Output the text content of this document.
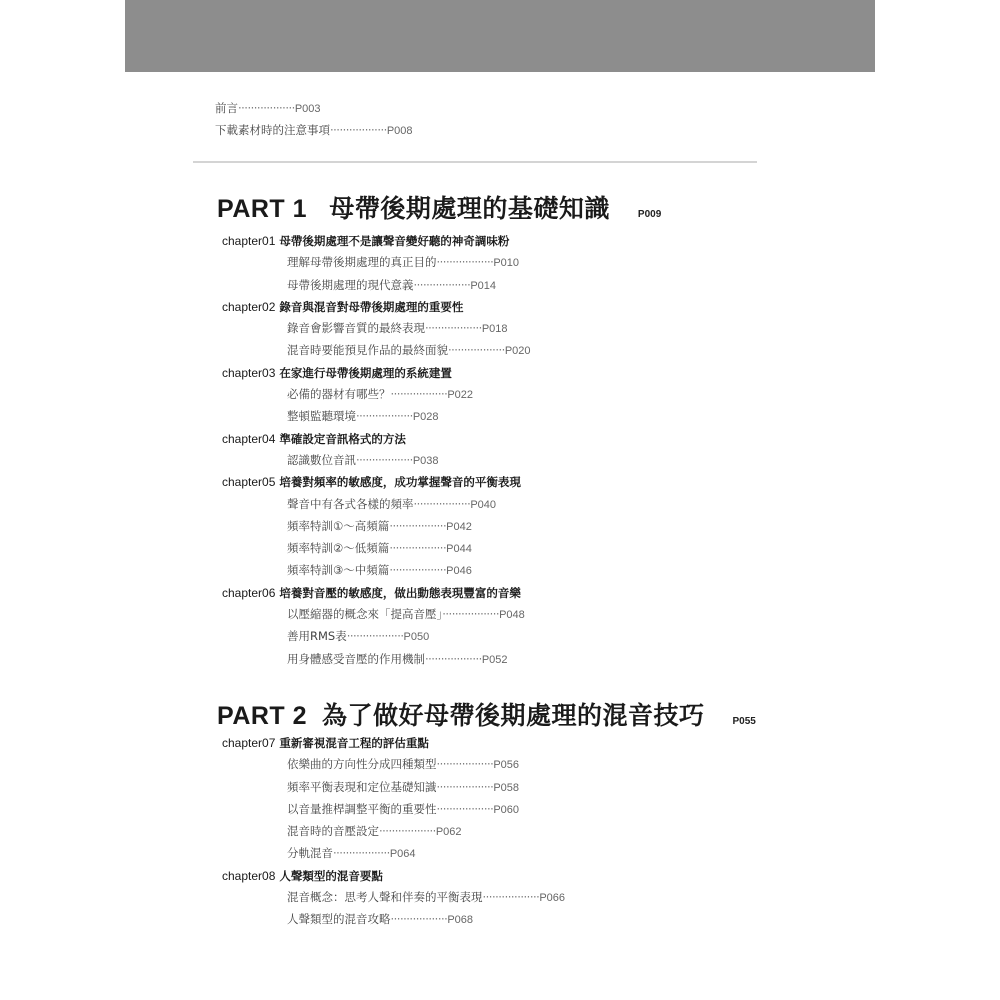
前言 ·····	P003
下載素材時的注意事項 ·····	P008
PART 1 母帶後期處理的基礎知識	P009
chapter01 母帶後期處理不是讓聲音變好聽的神奇調味粉
理解母帶後期處理的真正目的 ·····	P010
母帶後期處理的現代意義 ·····	P014
chapter02 錄音與混音對母帶後期處理的重要性
錄音會影響音質的最終表現 ·····	P018
混音時要能預見作品的最終面貌 ·····	P020
chapter03 在家進行母帶後期處理的系統建置
必備的器材有哪些？ ·····	P022
整頓監聽環境 ·····	P028
chapter04 準確設定音訊格式的方法
認識數位音訊 ·····	P038
chapter05 培養對頻率的敏感度，成功掌握聲音的平衡表現
聲音中有各式各樣的頻率 ·····	P040
頻率特訓①～高頻篇 ·····	P042
頻率特訓②～低頻篇 ·····	P044
頻率特訓③～中頻篇 ·····	P046
chapter06 培養對音壓的敏感度，做出動態表現豐富的音樂
以壓縮器的概念來「提高音壓」 ·····	P048
善用RMS表 ·····	P050
用身體感受音壓的作用機制 ·····	P052
PART 2 為了做好母帶後期處理的混音技巧	P055
chapter07 重新審視混音工程的評估重點
依樂曲的方向性分成四種類型 ·····	P056
頻率平衡表現和定位基礎知識 ·····	P058
以音量推桿調整平衡的重要性 ·····	P060
混音時的音壓設定 ·····	P062
分軌混音 ·····	P064
chapter08 人聲類型的混音要點
混音概念：思考人聲和伴奏的平衡表現 ·····	P066
人聲類型的混音攻略 ·····	P068
